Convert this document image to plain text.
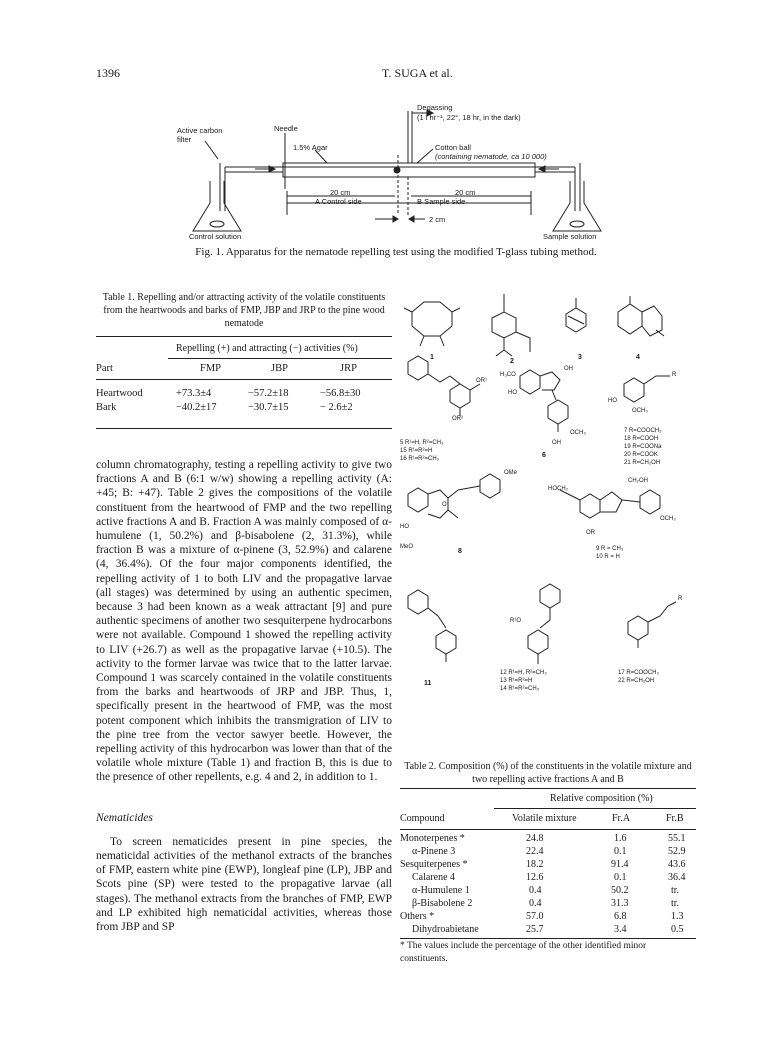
1396	T. SUGA et al.
Degassing
(1 l hr⁻¹, 22°, 18 hr, in the dark)
Needle
Active carbon
filter
1.5% Agar	Cotton ball
(containing nematode, ca 10 000)
20 cm	20 cm
A Control side	B Sample side
2 cm
Control solution	Sample solution
Fig. 1. Apparatus for the nematode repelling test using the modified T-glass tubing method.
Table 1. Repelling and/or attracting activity of the volatile constituents from the heartwoods and barks of FMP, JBP and JRP to the pine wood nematode
Repelling (+) and attracting (−) activities (%)
Part	FMP	JBP	JRP
Heartwood	+73.3±4	−57.2±18	−56.8±30
Bark	−40.2±17	−30.7±15	− 2.6±2

column chromatography, testing a repelling activity to give two fractions A and B (6:1 w/w) showing a repelling activity (A: +45; B: +47). Table 2 gives the compositions of the volatile constituent from the heartwood of FMP and the two repelling active fractions A and B. Fraction A was mainly composed of α-humulene (1, 50.2%) and β-bisabolene (2, 31.3%), while fraction B was a mixture of α-pinene (3, 52.9%) and calarene (4, 36.4%). Of the four major components identified, the repelling activity of 1 to both LIV and the propagative larvae (all stages) was determined by using an authentic specimen, because 3 had been known as a weak attractant [9] and pure authentic specimens of another two sesquiterpene hydrocarbons were not available. Compound 1 showed the repelling activity to LIV (+26.7) as well as the propagative larvae (+10.5). The activity to the former larvae was twice that to the latter larvae. Compound 1 was scarcely contained in the volatile constituents from the barks and heartwoods of JRP and JBP. Thus, 1, specifically present in the heartwood of FMP, was the most potent component which inhibits the transmigration of LIV to the pine tree from the vector sawyer beetle. However, the repelling activity of this hydrocarbon was lower than that of the volatile whole mixture (Table 1) and fraction B, this is due to the presence of other repellents, e.g. 4 and 2, in addition to 1.

Nematicides

To screen nematicides present in pine species, the nematicidal activities of the methanol extracts of the branches of FMP, eastern white pine (EWP), longleaf pine (LP), JBP and Scots pine (SP) were tested to the propagative larvae (all stages). The methanol extracts from the branches of FMP, EWP and LP exhibited high nematicidal activities, whereas those from JBP and SP

1
2
3	4
6
8
11
OR¹
OR²
5 R¹=H, R²=CH₃
15 R¹=R²=H
16 R¹=R²=CH₃
H₃CO
HO
OH
OCH₃
OH
R
HO
OCH₃
7 R=COOCH₃
18 R=COOH
19 R=COONa
20 R=COOK
21 R=CH₂OH
OMe
HO
MeO
O
HOCH₂
CH₂OH
OR
OCH₃
9 R = CH₃
10 R = H
R¹O
12 R¹=H, R²=CH₃
13 R¹=R²=H
14 R¹=R²=CH₃
R
17 R=COOCH₃
22 R=CH₂OH
Table 2. Composition (%) of the constituents in the volatile mixture and two repelling active fractions A and B
Relative composition (%)
Compound	Volatile mixture	Fr.A	Fr.B
Monoterpenes *	24.8	1.6	55.1
α-Pinene 3	22.4	0.1	52.9
Sesquiterpenes *	18.2	91.4	43.6
Calarene 4	12.6	0.1	36.4
α-Humulene 1	0.4	50.2	tr.
β-Bisabolene 2	0.4	31.3	tr.
Others *	57.0	6.8	1.3
Dihydroabietane	25.7	3.4	0.5
* The values include the percentage of the other identified minor constituents.
